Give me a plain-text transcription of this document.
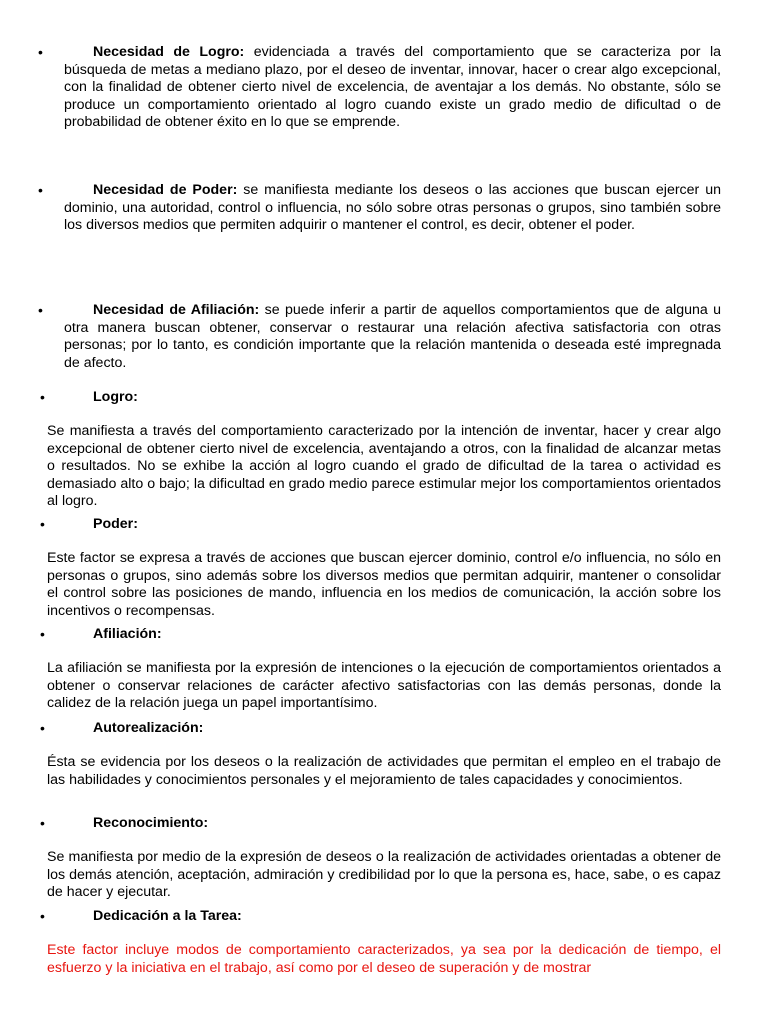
•	Necesidad de Logro: evidenciada a través del comportamiento que se caracteriza por la búsqueda de metas a mediano plazo, por el deseo de inventar, innovar, hacer o crear algo excepcional, con la finalidad de obtener cierto nivel de excelencia, de aventajar a los demás. No obstante, sólo se produce un comportamiento orientado al logro cuando existe un grado medio de dificultad o de probabilidad de obtener éxito en lo que se emprende.
•	Necesidad de Poder: se manifiesta mediante los deseos o las acciones que buscan ejercer un dominio, una autoridad, control o influencia, no sólo sobre otras personas o grupos, sino también sobre los diversos medios que permiten adquirir o mantener el control, es decir, obtener el poder.
•	Necesidad de Afiliación: se puede inferir a partir de aquellos comportamientos que de alguna u otra manera buscan obtener, conservar o restaurar una relación afectiva satisfactoria con otras personas; por lo tanto, es condición importante que la relación mantenida o deseada esté impregnada de afecto.
•	Logro:
Se manifiesta a través del comportamiento caracterizado por la intención de inventar, hacer y crear algo excepcional de obtener cierto nivel de excelencia, aventajando a otros, con la finalidad de alcanzar metas o resultados. No se exhibe la acción al logro cuando el grado de dificultad de la tarea o actividad es demasiado alto o bajo; la dificultad en grado medio parece estimular mejor los comportamientos orientados al logro.
•	Poder:
Este factor se expresa a través de acciones que buscan ejercer dominio, control e/o influencia, no sólo en personas o grupos, sino además sobre los diversos medios que permitan adquirir, mantener o consolidar el control sobre las posiciones de mando, influencia en los medios de comunicación, la acción sobre los incentivos o recompensas.
•	Afiliación:
La afiliación se manifiesta por la expresión de intenciones o la ejecución de comportamientos orientados a obtener o conservar relaciones de carácter afectivo satisfactorias con las demás personas, donde la calidez de la relación juega un papel importantísimo.
•	Autorealización:
Ésta se evidencia por los deseos o la realización de actividades que permitan el empleo en el trabajo de las habilidades y conocimientos personales y el mejoramiento de tales capacidades y conocimientos.
•	Reconocimiento:
Se manifiesta por medio de la expresión de deseos o la realización de actividades orientadas a obtener de los demás atención, aceptación, admiración y credibilidad por lo que la persona es, hace, sabe, o es capaz de hacer y ejecutar.
•	Dedicación a la Tarea:
Este factor incluye modos de comportamiento caracterizados, ya sea por la dedicación de tiempo, el esfuerzo y la iniciativa en el trabajo, así como por el deseo de superación y de mostrar
